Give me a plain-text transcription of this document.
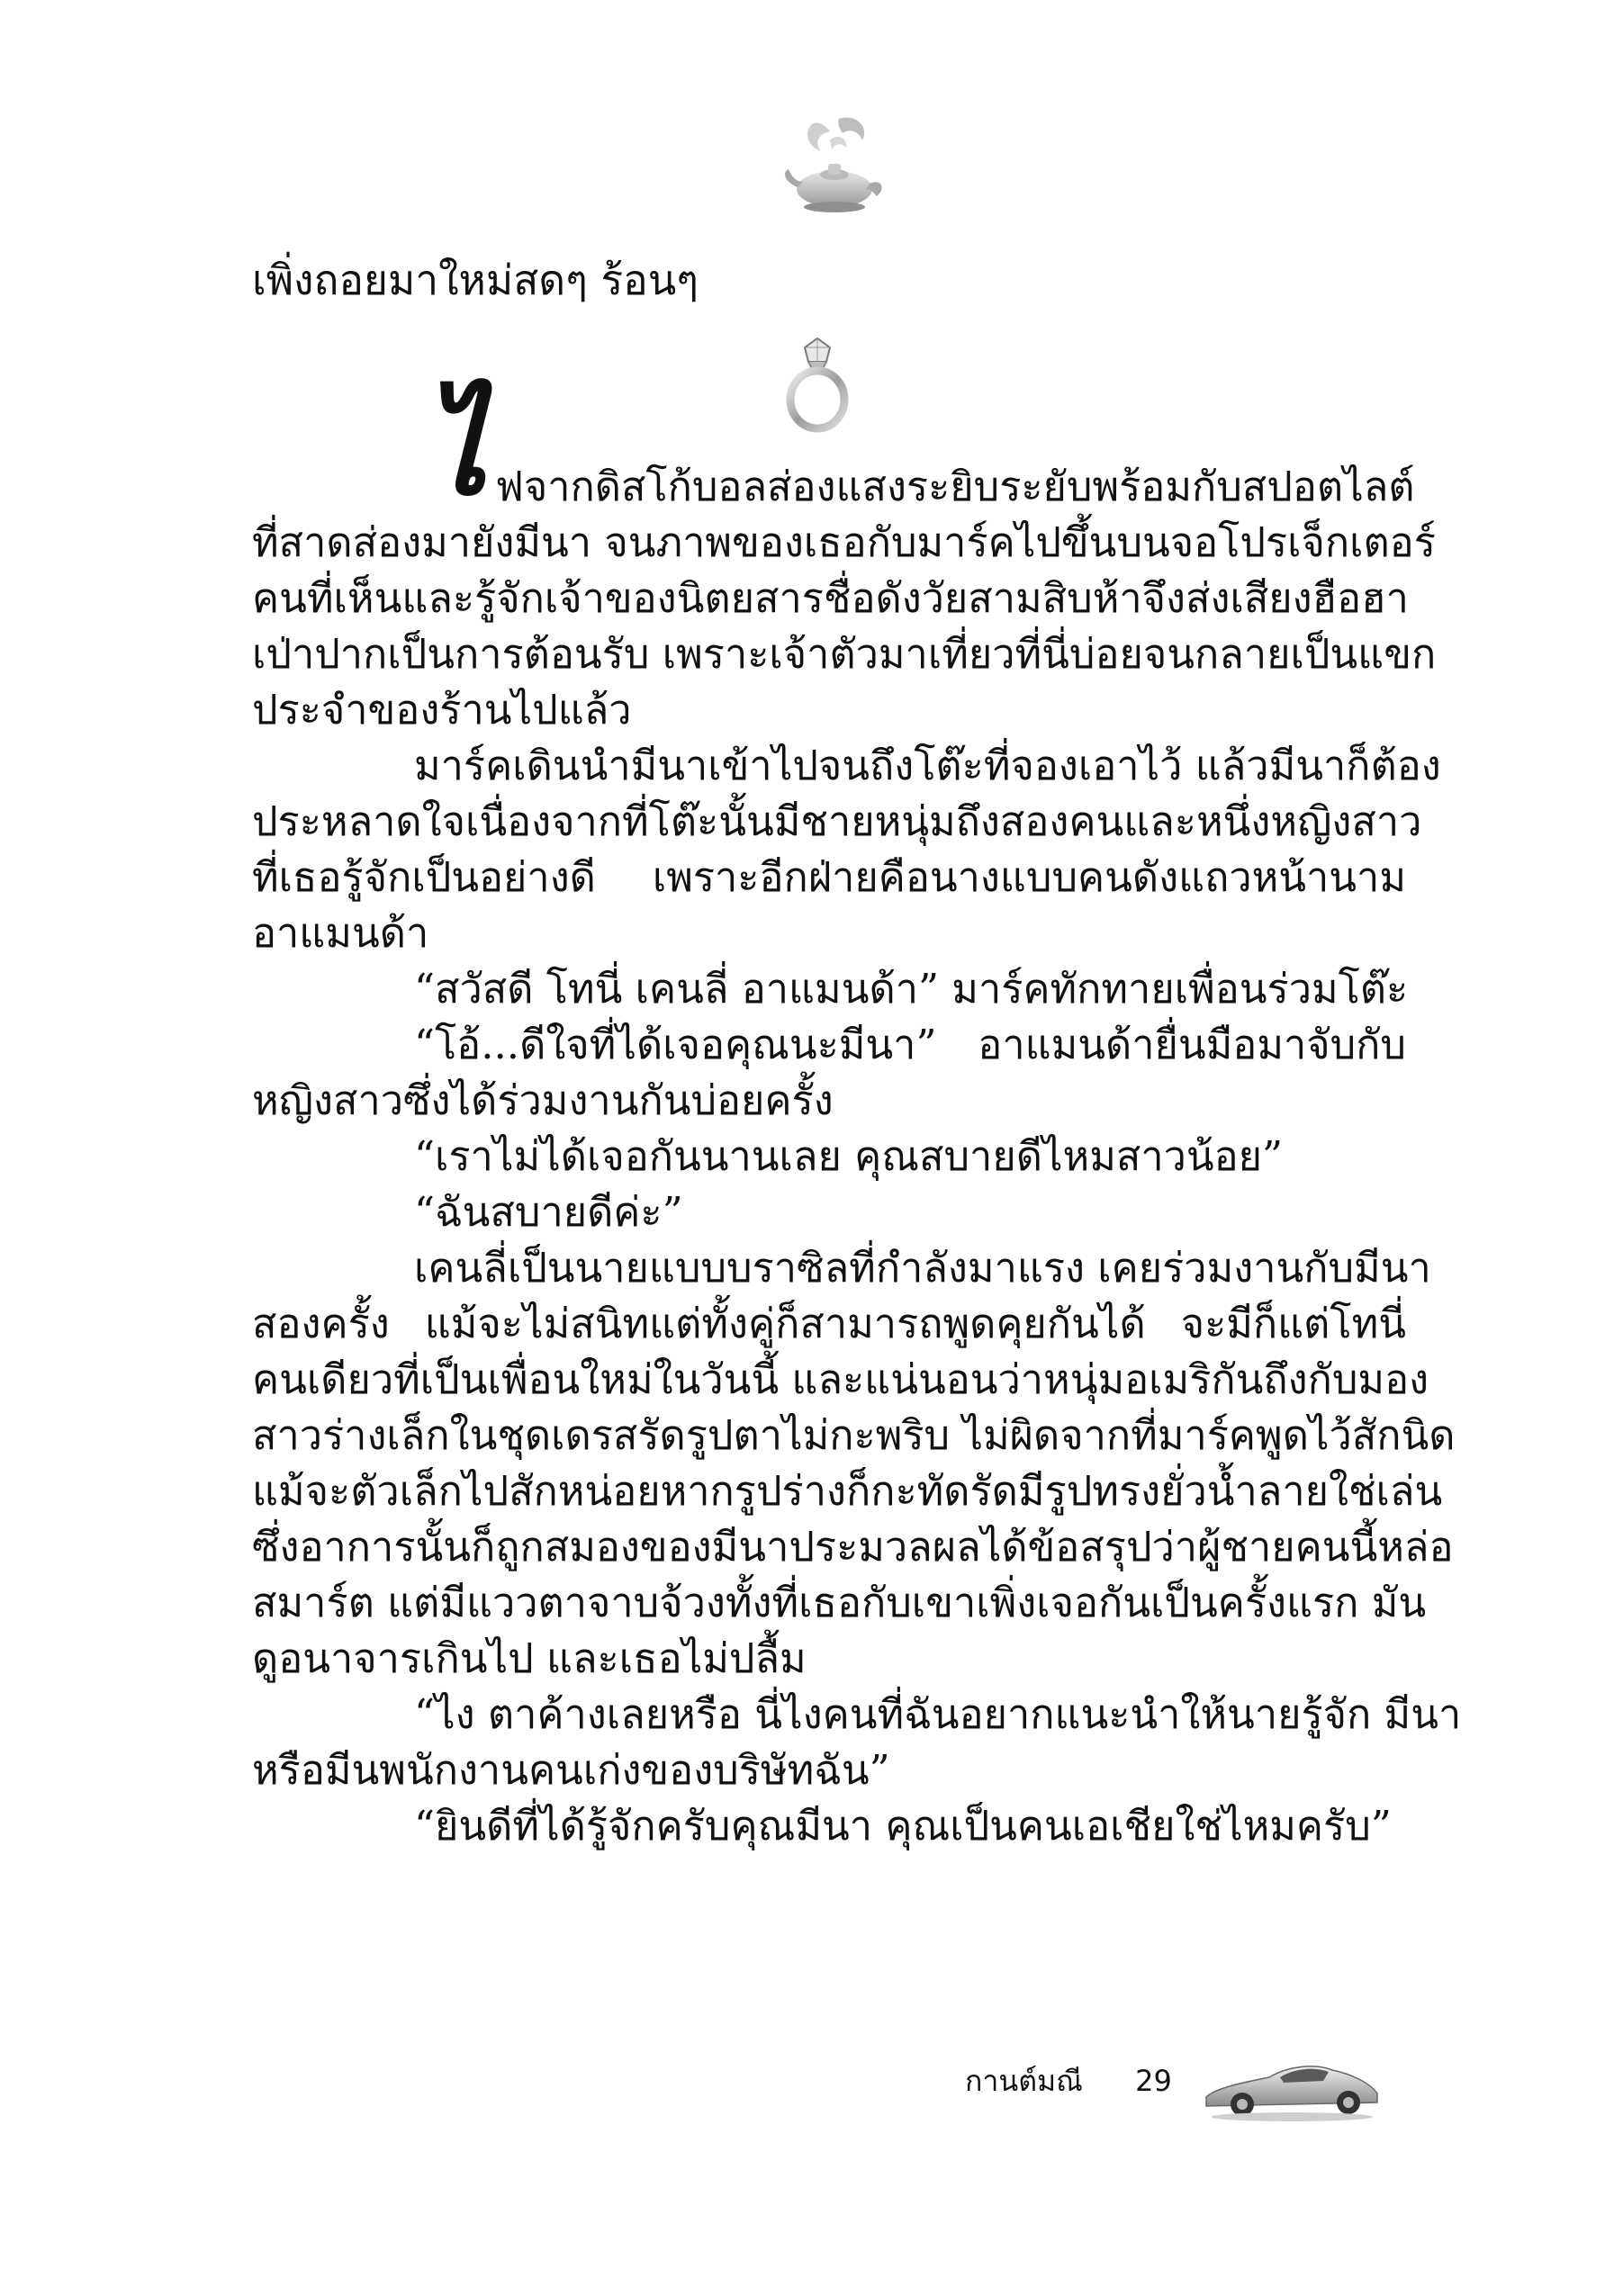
เพิ่งถอยมาใหม่สดๆ ร้อนๆ
ไ ฟจากดิสโก้บอลส่องแสงระยิบระยับพร้อมกับสปอตไลต์
ที่สาดส่องมายังมีนา จนภาพของเธอกับมาร์คไปขึ้นบนจอโปรเจ็กเตอร์
คนที่เห็นและรู้จักเจ้าของนิตยสารชื่อดังวัยสามสิบห้าจึงส่งเสียงฮือฮา
เป่าปากเป็นการต้อนรับ เพราะเจ้าตัวมาเที่ยวที่นี่บ่อยจนกลายเป็นแขก
ประจำของร้านไปแล้ว
มาร์คเดินนำมีนาเข้าไปจนถึงโต๊ะที่จองเอาไว้ แล้วมีนาก็ต้อง
ประหลาดใจเนื่องจากที่โต๊ะนั้นมีชายหนุ่มถึงสองคนและหนึ่งหญิงสาว
ที่เธอรู้จักเป็นอย่างดี เพราะอีกฝ่ายคือนางแบบคนดังแถวหน้านาม
อาแมนด้า
“สวัสดี โทนี่ เคนลี่ อาแมนด้า” มาร์คทักทายเพื่อนร่วมโต๊ะ
“โอ้...ดีใจที่ได้เจอคุณนะมีนา” อาแมนด้ายื่นมือมาจับกับ
หญิงสาวซึ่งได้ร่วมงานกันบ่อยครั้ง
“เราไม่ได้เจอกันนานเลย คุณสบายดีไหมสาวน้อย”
“ฉันสบายดีค่ะ”
เคนลี่เป็นนายแบบบราซิลที่กำลังมาแรง เคยร่วมงานกับมีนา
สองครั้ง แม้จะไม่สนิทแต่ทั้งคู่ก็สามารถพูดคุยกันได้ จะมีก็แต่โทนี่
คนเดียวที่เป็นเพื่อนใหม่ในวันนี้ และแน่นอนว่าหนุ่มอเมริกันถึงกับมอง
สาวร่างเล็กในชุดเดรสรัดรูปตาไม่กะพริบ ไม่ผิดจากที่มาร์คพูดไว้สักนิด
แม้จะตัวเล็กไปสักหน่อยหากรูปร่างก็กะทัดรัดมีรูปทรงยั่วน้ำลายใช่เล่น
ซึ่งอาการนั้นก็ถูกสมองของมีนาประมวลผลได้ข้อสรุปว่าผู้ชายคนนี้หล่อ
สมาร์ต แต่มีแววตาจาบจ้วงทั้งที่เธอกับเขาเพิ่งเจอกันเป็นครั้งแรก มัน
ดูอนาจารเกินไป และเธอไม่ปลื้ม
“ไง ตาค้างเลยหรือ นี่ไงคนที่ฉันอยากแนะนำให้นายรู้จัก มีนา
หรือมีนพนักงานคนเก่งของบริษัทฉัน”
“ยินดีที่ได้รู้จักครับคุณมีนา คุณเป็นคนเอเชียใช่ไหมครับ”
กานต์มณี 29
